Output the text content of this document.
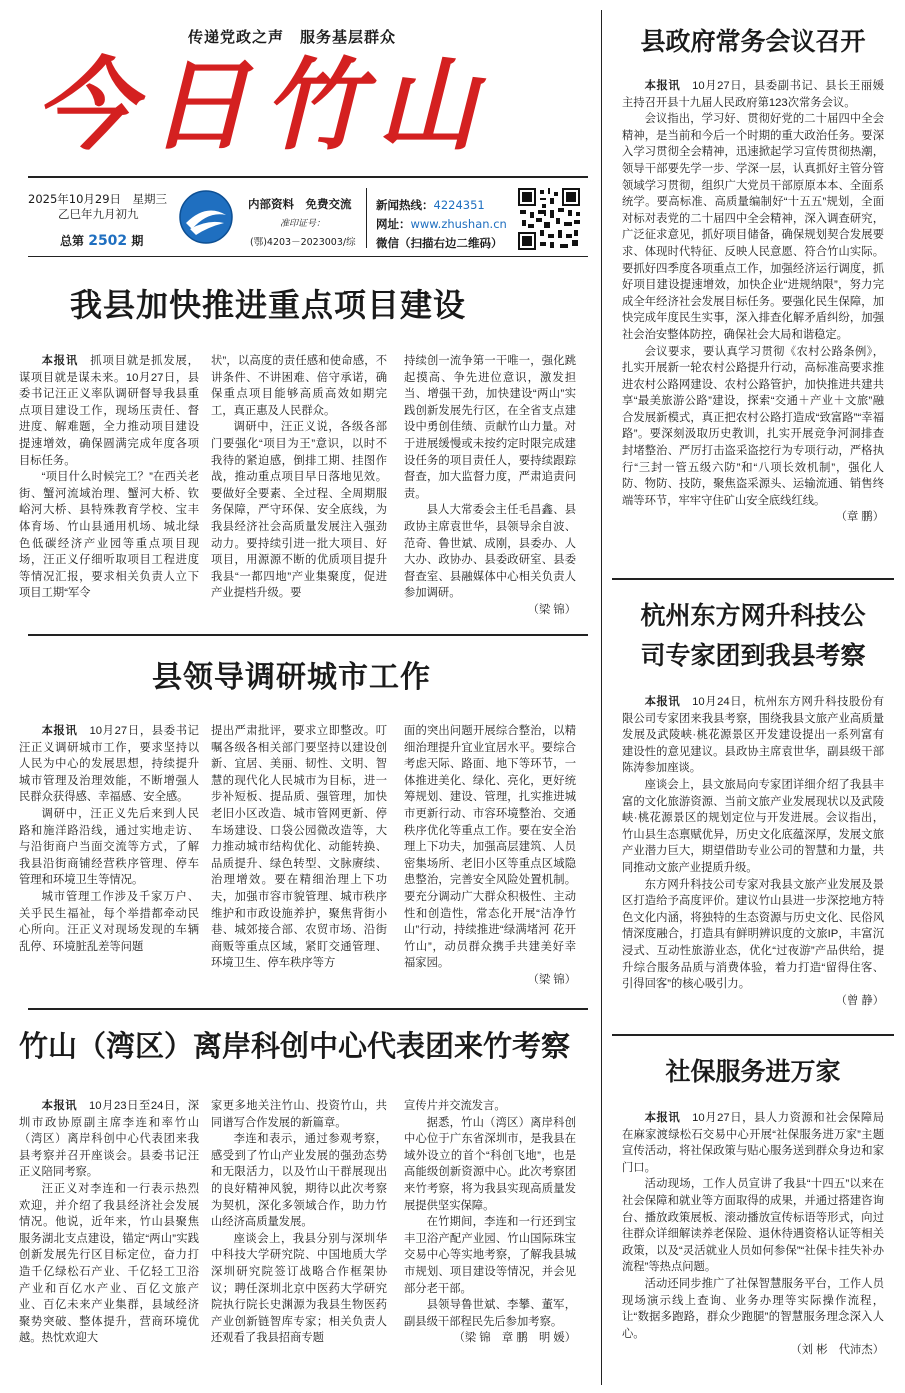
传递党政之声　服务基层群众
今日竹山
2025年10月29日　星期三
乙巳年九月初九
总第 2502 期
内部资料　免费交流
准印证号：
(鄂)4203－2023003/综
新闻热线：4224351
网址：www.zhushan.cn
微信（扫描右边二维码）
我县加快推进重点项目建设

本报讯　抓项目就是抓发展，谋项目就是谋未来。10月27日，县委书记汪正义率队调研督导我县重点项目建设工作，现场压责任、督进度、解难题，全力推动项目建设提速增效，确保圆满完成年度各项目标任务。

“项目什么时候完工？”在西关老街、蟹河流域治理、蟹河大桥、钦峪河大桥、县特殊教育学校、宝丰体育场、竹山县通用机场、城北绿色低碳经济产业园等重点项目现场，汪正义仔细听取项目工程进度等情况汇报，要求相关负责人立下项目工期“军令

状”，以高度的责任感和使命感，不讲条件、不讲困难、倍守承诺，确保重点项目能够高质高效如期完工，真正惠及人民群众。

调研中，汪正义说，各级各部门要强化“项目为王”意识，以时不我待的紧迫感，倒排工期、挂图作战，推动重点项目早日落地见效。要做好全要素、全过程、全周期服务保障，严守环保、安全底线，为我县经济社会高质量发展注入强劲动力。要持续引进一批大项目、好项目，用源源不断的优质项目提升我县“一都四地”产业集聚度，促进产业提档升级。要

持续创一流争第一干唯一，强化跳起摸高、争先进位意识，激发担当、增强干劲，加快建设“两山”实践创新发展先行区，在全省支点建设中勇创佳绩、贡献竹山力量。对于进展缓慢或未按约定时限完成建设任务的项目责任人，要持续跟踪督查，加大监督力度，严肃追责问责。

县人大常委会主任毛昌鑫、县政协主席袁世华，县领导余自波、范奇、鲁世斌、成刚，县委办、人大办、政协办、县委政研室、县委督查室、县融媒体中心相关负责人参加调研。

（梁 锦）
县领导调研城市工作

本报讯　10月27日，县委书记汪正义调研城市工作，要求坚持以人民为中心的发展思想，持续提升城市管理及治理效能，不断增强人民群众获得感、幸福感、安全感。

调研中，汪正义先后来到人民路和施洋路沿线，通过实地走访、与沿街商户当面交流等方式，了解我县沿街商铺经营秩序管理、停车管理和环境卫生等情况。

城市管理工作涉及千家万户、关乎民生福祉，每个举措都牵动民心所向。汪正义对现场发现的车辆乱停、环境脏乱差等问题

提出严肃批评，要求立即整改。叮嘱各级各相关部门要坚持以建设创新、宜居、美丽、韧性、文明、智慧的现代化人民城市为目标，进一步补短板、提品质、强管理，加快老旧小区改造、城市管网更新、停车场建设、口袋公园微改造等，大力推动城市结构优化、动能转换、品质提升、绿色转型、文脉赓续、治理增效。要在精细治理上下功夫，加强市容市貌管理、城市秩序维护和市政设施养护，聚焦背街小巷、城郊接合部、农贸市场、沿街商贩等重点区域，紧盯交通管理、环境卫生、停车秩序等方

面的突出问题开展综合整治，以精细治理提升宜业宜居水平。要综合考虑天际、路面、地下等环节，一体推进美化、绿化、亮化，更好统筹规划、建设、管理，扎实推进城市更新行动、市容环境整治、交通秩序优化等重点工作。要在安全治理上下功夫，加强高层建筑、人员密集场所、老旧小区等重点区域隐患整治，完善安全风险处置机制。要充分调动广大群众积极性、主动性和创造性，常态化开展“洁净竹山”行动，持续推进“绿满堵河 花开竹山”，动员群众携手共建美好幸福家园。

（梁 锦）
竹山（湾区）离岸科创中心代表团来竹考察

本报讯　10月23日至24日，深圳市政协原副主席李连和率竹山（湾区）离岸科创中心代表团来我县考察并召开座谈会。县委书记汪正义陪同考察。

汪正义对李连和一行表示热烈欢迎，并介绍了我县经济社会发展情况。他说，近年来，竹山县聚焦服务湖北支点建设，锚定“两山”实践创新发展先行区目标定位，奋力打造千亿绿松石产业、千亿轻工卫浴产业和百亿水产业、百亿文旅产业、百亿未来产业集群，县域经济聚势突破、整体提升，营商环境优越。热忱欢迎大

家更多地关注竹山、投资竹山，共同谱写合作发展的新篇章。

李连和表示，通过参观考察，感受到了竹山产业发展的强劲态势和无限活力，以及竹山干群展现出的良好精神风貌，期待以此次考察为契机，深化多领域合作，助力竹山经济高质量发展。

座谈会上，我县分别与深圳华中科技大学研究院、中国地质大学深圳研究院签订战略合作框架协议；聘任深圳北京中医药大学研究院执行院长史渊源为我县生物医药产业创新链智库专家；相关负责人还观看了我县招商专题

宣传片并交流发言。

据悉，竹山（湾区）离岸科创中心位于广东省深圳市，是我县在域外设立的首个“科创飞地”，也是高能级创新资源中心。此次考察团来竹考察，将为我县实现高质量发展提供坚实保障。

在竹期间，李连和一行还到宝丰卫浴产配产业园、竹山国际珠宝交易中心等实地考察，了解我县城市规划、项目建设等情况，并会见部分老干部。

县领导鲁世斌、李攀、董军，副县级干部程民先后参加考察。

（梁 锦　章 鹏　明 媛）
县政府常务会议召开

本报讯　10月27日，县委副书记、县长王丽媛主持召开县十九届人民政府第123次常务会议。

会议指出，学习好、贯彻好党的二十届四中全会精神，是当前和今后一个时期的重大政治任务。要深入学习贯彻全会精神，迅速掀起学习宣传贯彻热潮，领导干部要先学一步、学深一层，认真抓好主管分管领域学习贯彻，组织广大党员干部原原本本、全面系统学。要高标准、高质量编制好“十五五”规划，全面对标对表党的二十届四中全会精神，深入调查研究，广泛征求意见，抓好项目储备，确保规划契合发展要求、体现时代特征、反映人民意愿、符合竹山实际。要抓好四季度各项重点工作，加强经济运行调度，抓好项目建设提速增效，加快企业“进规纳限”，努力完成全年经济社会发展目标任务。要强化民生保障，加快完成年度民生实事，深入排查化解矛盾纠纷，加强社会治安整体防控，确保社会大局和谐稳定。

会议要求，要认真学习贯彻《农村公路条例》，扎实开展新一轮农村公路提升行动，高标准高要求推进农村公路网建设、农村公路管护，加快推进共建共享“最美旅游公路”建设，探索“交通＋产业＋文旅”融合发展新模式，真正把农村公路打造成“致富路”“幸福路”。要深刻汲取历史教训，扎实开展竞争河洞排查封堵整治、严厉打击盗采盗挖行为专项行动，严格执行“三封一管五级六防”和“八项长效机制”，强化人防、物防、技防，聚焦盗采源头、运输流通、销售终端等环节，牢牢守住矿山安全底线红线。

（章 鹏）
杭州东方网升科技公
司专家团到我县考察

本报讯　10月24日，杭州东方网升科技股份有限公司专家团来我县考察，围绕我县文旅产业高质量发展及武陵峡·桃花源景区开发建设提出一系列富有建设性的意见建议。县政协主席袁世华，副县级干部陈涛参加座谈。

座谈会上，县文旅局向专家团详细介绍了我县丰富的文化旅游资源、当前文旅产业发展现状以及武陵峡·桃花源景区的规划定位与开发进展。会议指出，竹山县生态禀赋优异，历史文化底蕴深厚，发展文旅产业潜力巨大，期望借助专业公司的智慧和力量，共同推动文旅产业提质升级。

东方网升科技公司专家对我县文旅产业发展及景区打造给予高度评价。建议竹山县进一步深挖地方特色文化内涵，将独特的生态资源与历史文化、民俗风情深度融合，打造具有鲜明辨识度的文旅IP，丰富沉浸式、互动性旅游业态，优化“过夜游”产品供给，提升综合服务品质与消费体验，着力打造“留得住客、引得回客”的核心吸引力。

（曾 静）
社保服务进万家

本报讯　10月27日，县人力资源和社会保障局在麻家渡绿松石交易中心开展“社保服务进万家”主题宣传活动，将社保政策与贴心服务送到群众身边和家门口。

活动现场，工作人员宣讲了我县“十四五”以来在社会保障和就业等方面取得的成果，并通过搭建咨询台、播放政策展板、滚动播放宣传标语等形式，向过往群众详细解读养老保险、退休待遇资格认证等相关政策，以及“灵活就业人员如何参保”“社保卡挂失补办流程”等热点问题。

活动还同步推广了社保智慧服务平台，工作人员现场演示线上查询、业务办理等实际操作流程，让“数据多跑路，群众少跑腿”的智慧服务理念深入人心。

（刘 彬　代沛杰）
